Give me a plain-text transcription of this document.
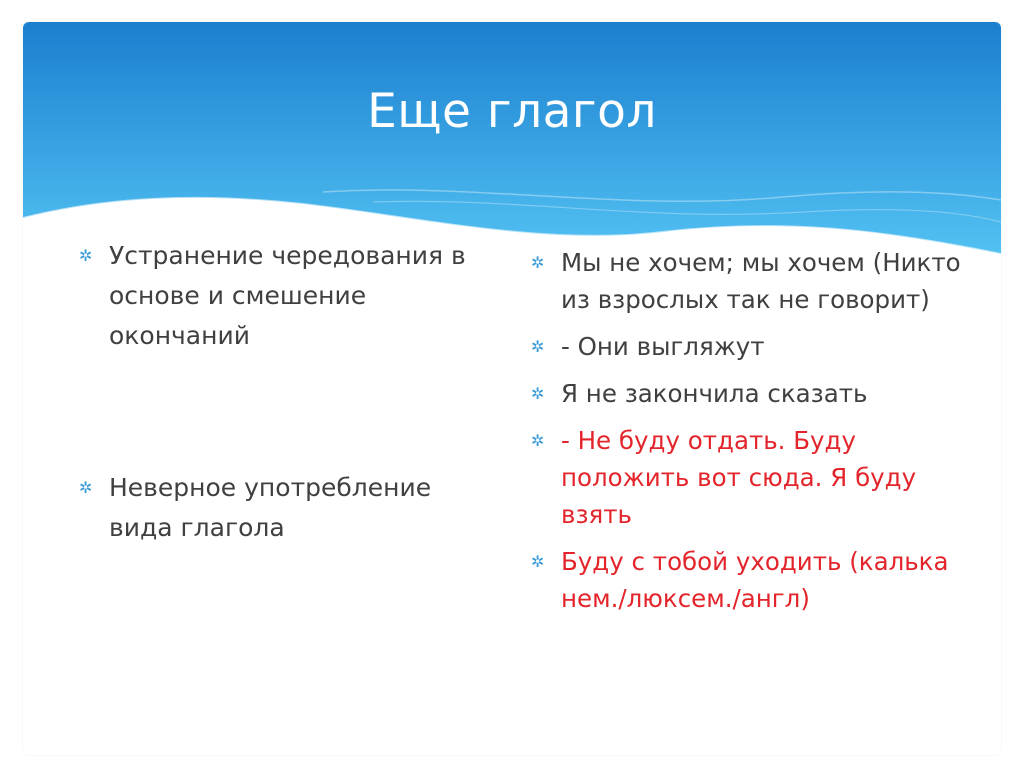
Еще глагол
✲ Устранение чередования в основе и смешение окончаний
✲ Неверное употребление вида глагола
✲ Мы не хочем; мы хочем (Никто из взрослых так не говорит)
✲ - Они выгляжут
✲ Я не закончила сказать
✲ - Не буду отдать. Буду положить вот сюда. Я буду взять
✲ Буду с тобой уходить (калька нем./люксем./англ)
